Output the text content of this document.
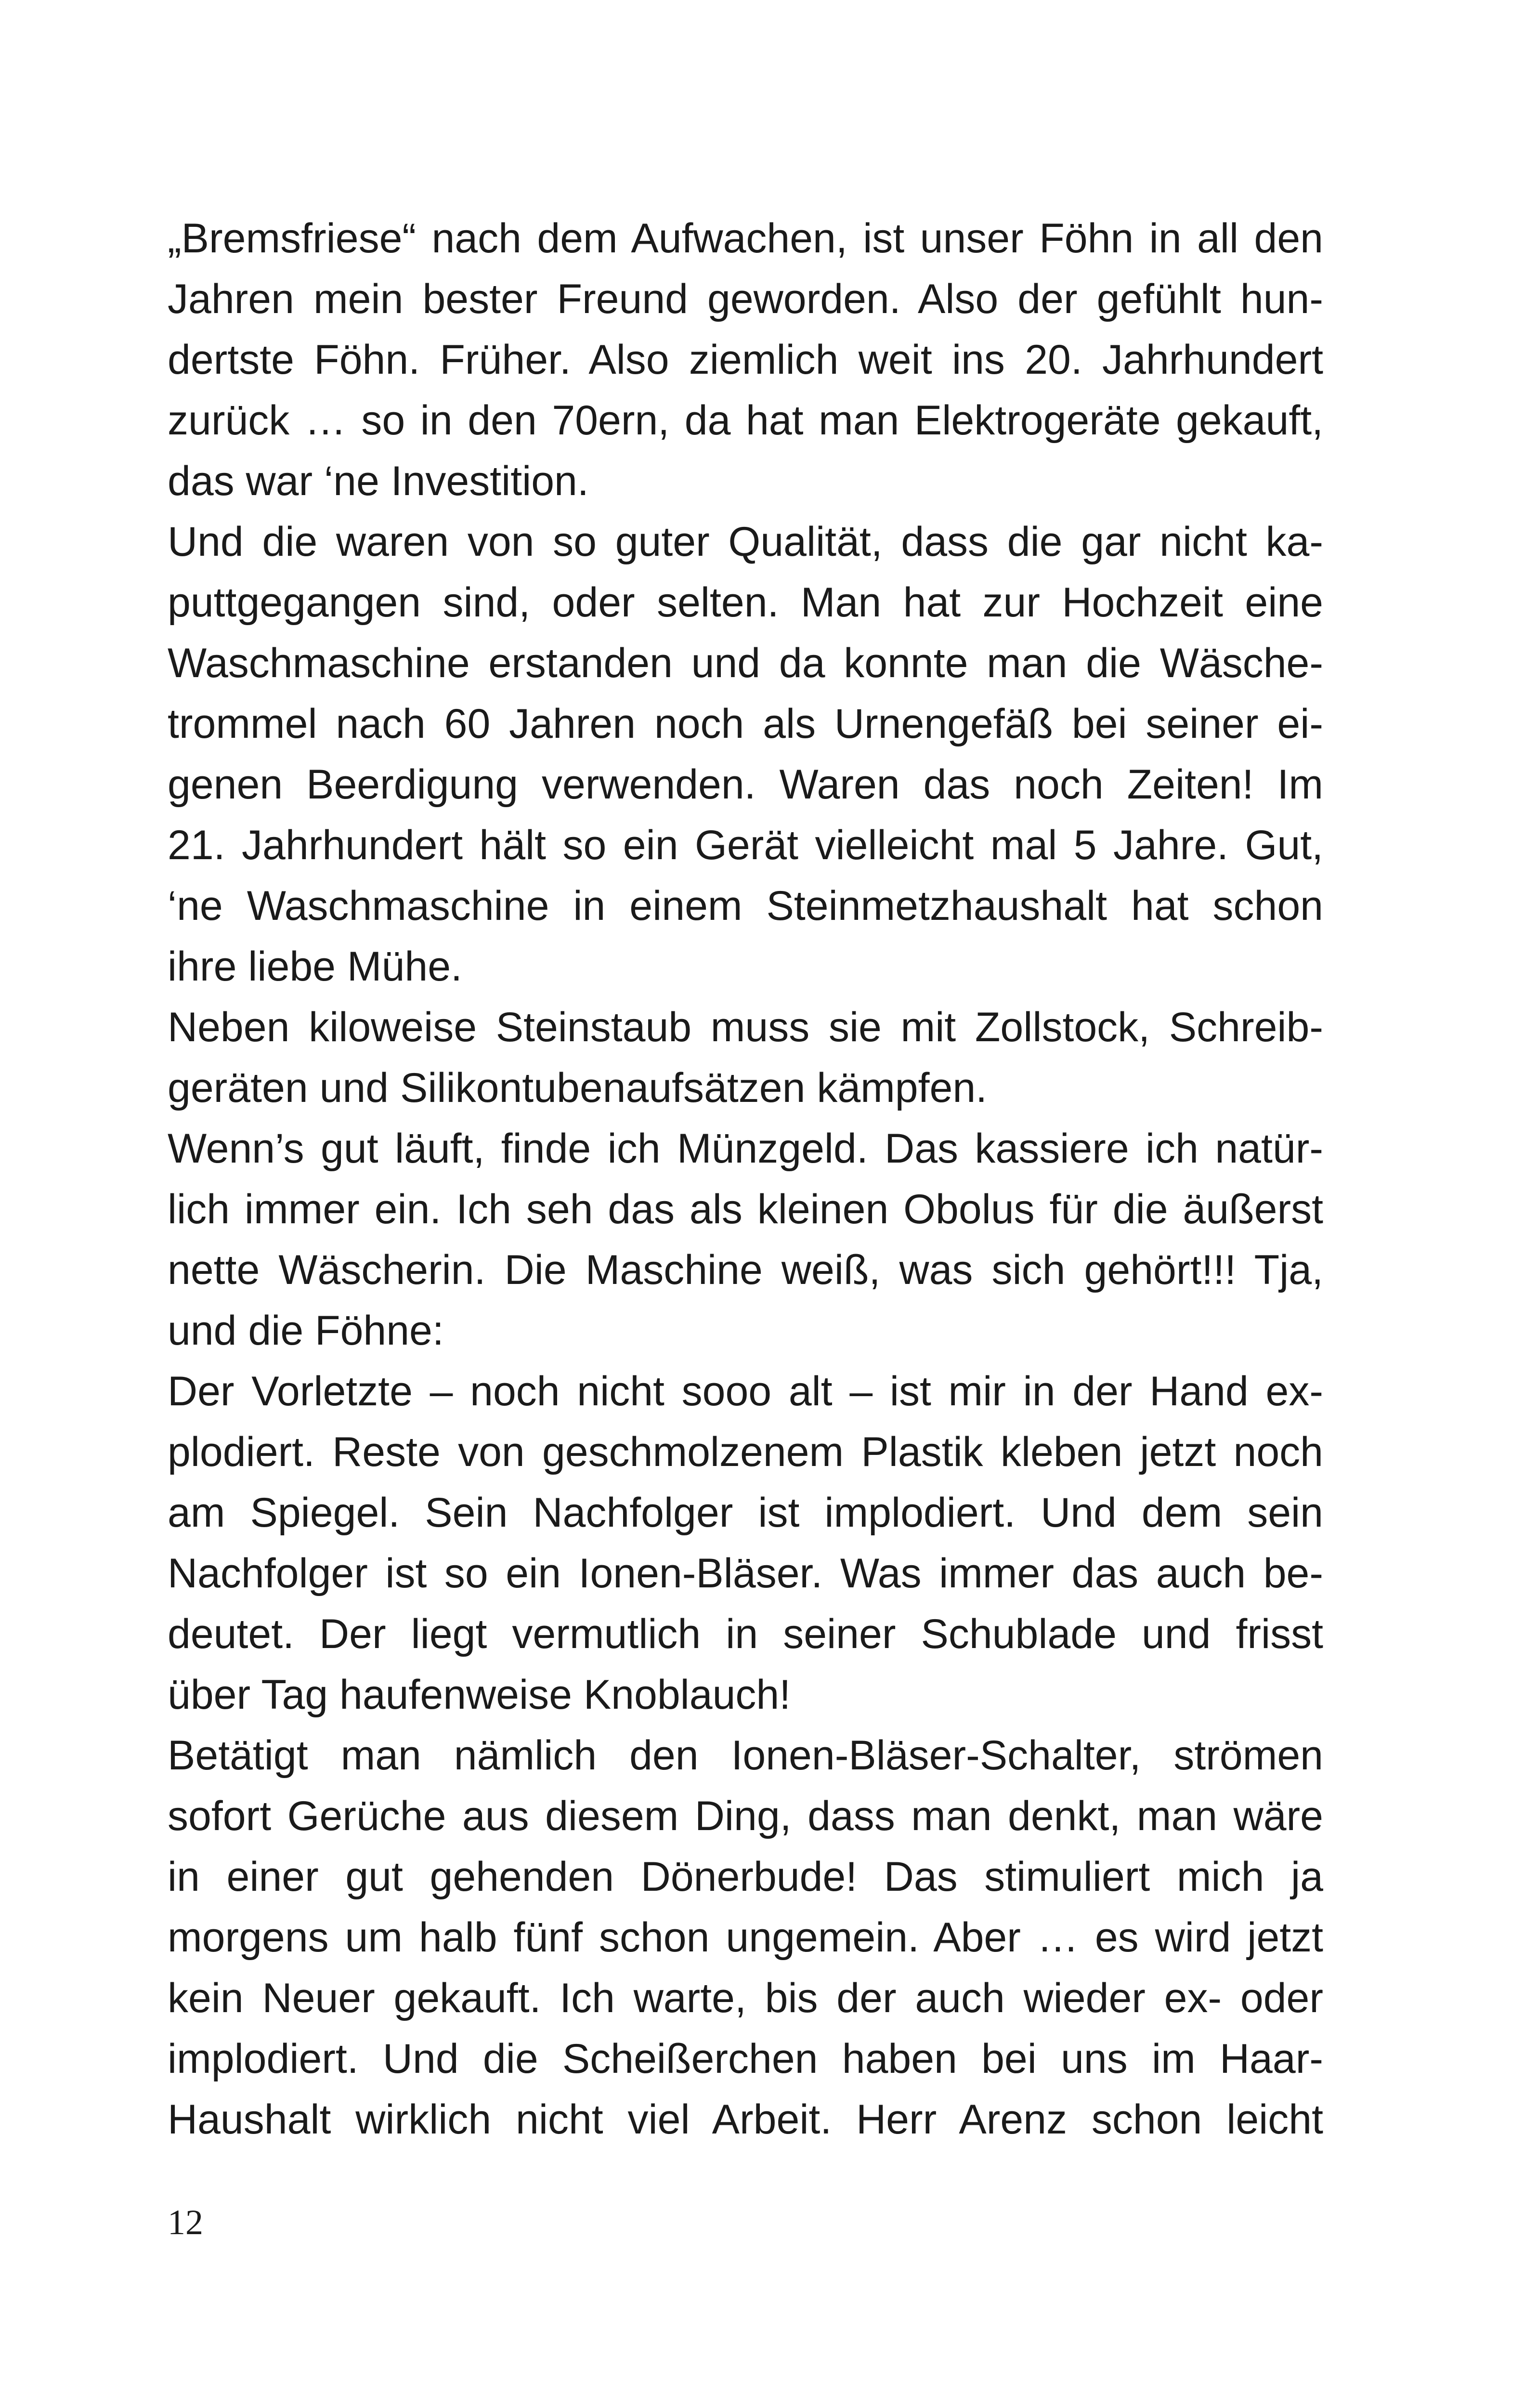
„Bremsfriese“ nach dem Aufwachen, ist unser Föhn in all den
Jahren mein bester Freund geworden. Also der gefühlt hun-
dertste Föhn. Früher. Also ziemlich weit ins 20. Jahrhundert
zurück … so in den 70ern, da hat man Elektrogeräte gekauft,
das war ‘ne Investition.
Und die waren von so guter Qualität, dass die gar nicht ka-
puttgegangen sind, oder selten. Man hat zur Hochzeit eine
Waschmaschine erstanden und da konnte man die Wäsche-
trommel nach 60 Jahren noch als Urnengefäß bei seiner ei-
genen Beerdigung verwenden. Waren das noch Zeiten! Im
21. Jahrhundert hält so ein Gerät vielleicht mal 5 Jahre. Gut,
‘ne Waschmaschine in einem Steinmetzhaushalt hat schon
ihre liebe Mühe.
Neben kiloweise Steinstaub muss sie mit Zollstock, Schreib-
geräten und Silikontubenaufsätzen kämpfen.
Wenn’s gut läuft, finde ich Münzgeld. Das kassiere ich natür-
lich immer ein. Ich seh das als kleinen Obolus für die äußerst
nette Wäscherin. Die Maschine weiß, was sich gehört!!! Tja,
und die Föhne:
Der Vorletzte – noch nicht sooo alt – ist mir in der Hand ex-
plodiert. Reste von geschmolzenem Plastik kleben jetzt noch
am Spiegel. Sein Nachfolger ist implodiert. Und dem sein
Nachfolger ist so ein Ionen-Bläser. Was immer das auch be-
deutet. Der liegt vermutlich in seiner Schublade und frisst
über Tag haufenweise Knoblauch!
Betätigt man nämlich den Ionen-Bläser-Schalter, strömen
sofort Gerüche aus diesem Ding, dass man denkt, man wäre
in einer gut gehenden Dönerbude! Das stimuliert mich ja
morgens um halb fünf schon ungemein. Aber … es wird jetzt
kein Neuer gekauft. Ich warte, bis der auch wieder ex- oder
implodiert. Und die Scheißerchen haben bei uns im Haar-
Haushalt wirklich nicht viel Arbeit. Herr Arenz schon leicht
12
